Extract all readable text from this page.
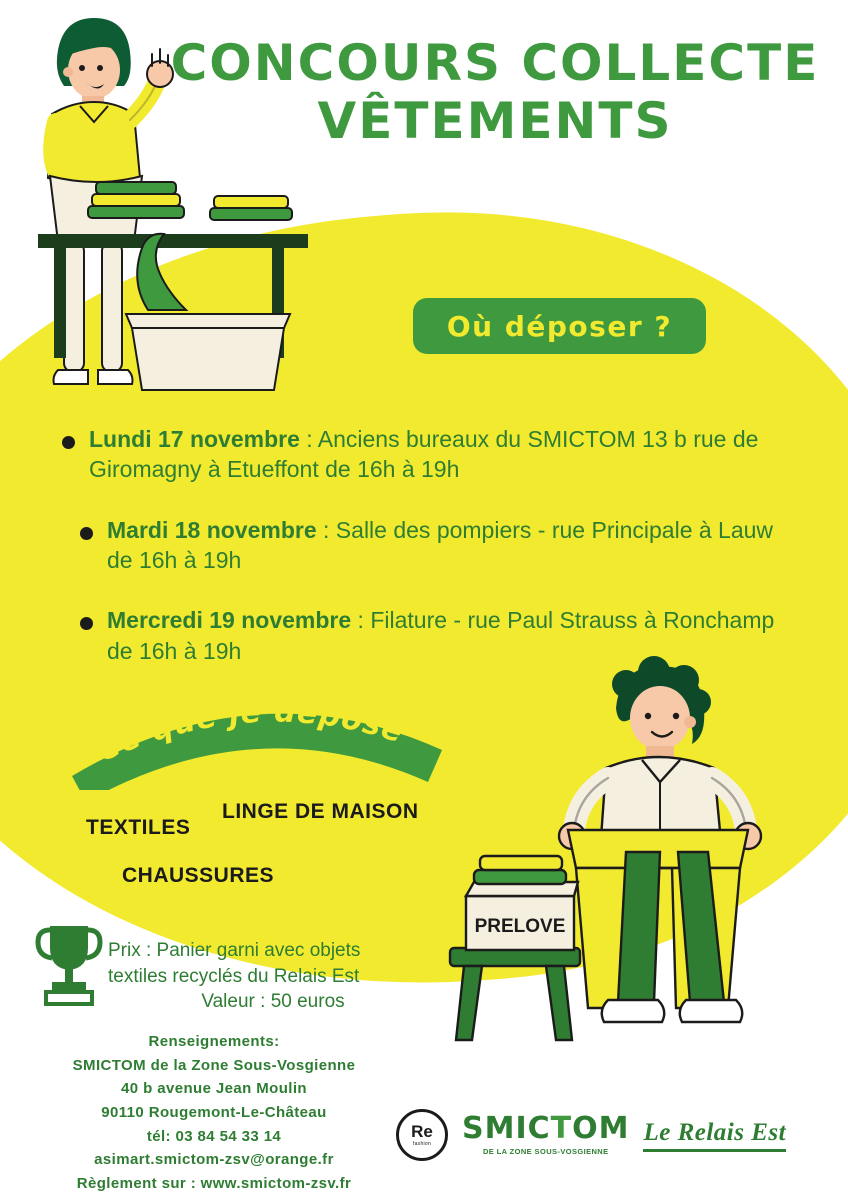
CONCOURS COLLECTE
VÊTEMENTS
Où déposer ?
Lundi 17 novembre : Anciens bureaux du SMICTOM 13 b rue de Giromagny à Etueffont de 16h à 19h
Mardi 18 novembre : Salle des pompiers - rue Principale à Lauw de 16h à 19h
Mercredi 19 novembre : Filature - rue Paul Strauss à Ronchamp de 16h à 19h
Ce que je dépose
TEXTILES
LINGE DE MAISON
CHAUSSURES
PRELOVE
Prix : Panier garni avec objets
textiles recyclés du Relais Est
Valeur : 50 euros
Renseignements:
SMICTOM de la Zone Sous-Vosgienne
40 b avenue Jean Moulin
90110 Rougemont-Le-Château
tél: 03 84 54 33 14
asimart.smictom-zsv@orange.fr
Règlement sur : www.smictom-zsv.fr
Re
fashion SMICTOM
DE LA ZONE SOUS-VOSGIENNE
Le Relais Est
